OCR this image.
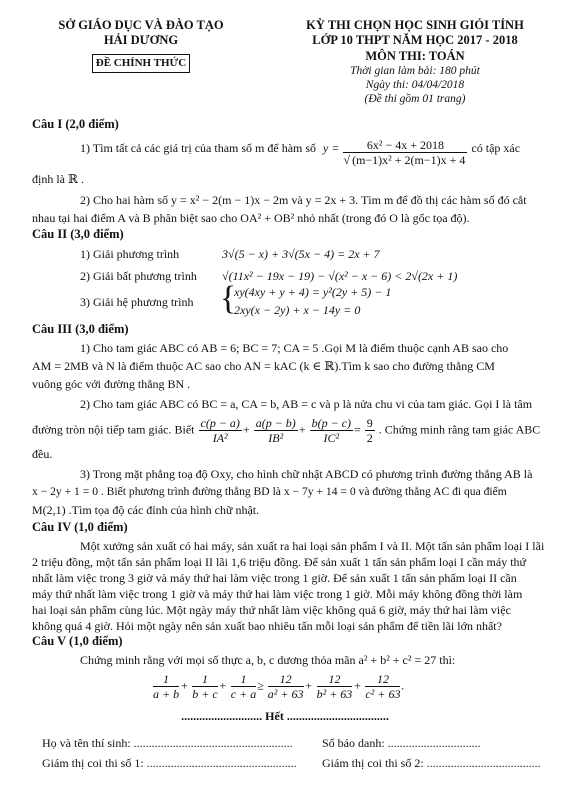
SỞ GIÁO DỤC VÀ ĐÀO TẠO
HẢI DƯƠNG
ĐỀ CHÍNH THỨC
KỲ THI CHỌN HỌC SINH GIỎI TỈNH
LỚP 10 THPT NĂM HỌC 2017 - 2018
MÔN THI: TOÁN
Thời gian làm bài: 180 phút
Ngày thi: 04/04/2018
(Đề thi gồm 01 trang)
Câu I (2,0 điểm)
1) Tìm tất cả các giá trị của tham số m để hàm số $y = \frac{\text{6x² − 4x + 2018}}{\text{√ (m−1)x² + 2(m−1)x + 4}}$ có tập xác
định là ℝ .
2) Cho hai hàm số y = x² − 2(m − 1)x − 2m và y = 2x + 3. Tìm m để đồ thị các hàm số đó cắt
nhau tại hai điểm A và B phân biệt sao cho OA² + OB² nhỏ nhất (trong đó O là gốc tọa độ).
Câu II (3,0 điểm)
1) Giải phương trình	3√(5 − x) + 3√(5x − 4) = 2x + 7
2) Giải bất phương trình √(11x² − 19x − 19) − √(x² − x − 6) < 2√(2x + 1)
3) Giải hệ phương trình {
xy(4xy + y + 4) = y²(2y + 5) − 1
2xy(x − 2y) + x − 14y = 0
Câu III (3,0 điểm)
1) Cho tam giác ABC có AB = 6; BC = 7; CA = 5 .Gọi M là điểm thuộc cạnh AB sao cho
AM = 2MB và N là điểm thuộc AC sao cho AN = kAC (k ∈ ℝ).Tìm k sao cho đường thẳng CM
vuông góc với đường thẳng BN .
2) Cho tam giác ABC có BC = a, CA = b, AB = c và p là nửa chu vi của tam giác. Gọi I là tâm
đường tròn nội tiếp tam giác. Biết $\frac{c(p - a)}{\text{IA²}} + \frac{a(p - b)}{\text{IB²}} + \frac{b(p - c)}{\text{IC²}} = \frac{9}{2}$ . Chứng minh rằng tam giác ABC
đều.
3) Trong mặt phẳng toạ độ Oxy, cho hình chữ nhật ABCD có phương trình đường thẳng AB là
x − 2y + 1 = 0 . Biết phương trình đường thẳng BD là x − 7y + 14 = 0 và đường thẳng AC đi qua điểm
M(2,1) .Tìm tọa độ các đỉnh của hình chữ nhật.
Câu IV (1,0 điểm)
Một xưởng sản xuất có hai máy, sản xuất ra hai loại sản phẩm I và II. Một tấn sản phẩm loại I lãi
2 triệu đồng, một tấn sản phẩm loại II lãi 1,6 triệu đồng. Để sản xuất 1 tấn sản phẩm loại I cần máy thứ
nhất làm việc trong 3 giờ và máy thứ hai làm việc trong 1 giờ. Để sản xuất 1 tấn sản phẩm loại II cần
máy thứ nhất làm việc trong 1 giờ và máy thứ hai làm việc trong 1 giờ. Mỗi máy không đồng thời làm
hai loại sản phẩm cùng lúc. Một ngày máy thứ nhất làm việc không quá 6 giờ, máy thứ hai làm việc
không quá 4 giờ. Hỏi một ngày nên sản xuất bao nhiêu tấn mỗi loại sản phẩm để tiền lãi lớn nhất?
Câu V (1,0 điểm)
Chứng minh rằng với mọi số thực a, b, c dương thỏa mãn a² + b² + c² = 27 thì:
$\frac{1}{a + b} + \frac{1}{b + c} + \frac{1}{c + a} \ge \frac{12}{\text{a² + 63}} + \frac{12}{\text{b² + 63}} + \frac{12}{\text{c² + 63}}$ .
........................... Hết ..................................
Họ và tên thí sinh: ..................................................... Số báo danh: ...............................
Giám thị coi thi số 1: .................................................. Giám thị coi thi số 2: ......................................
